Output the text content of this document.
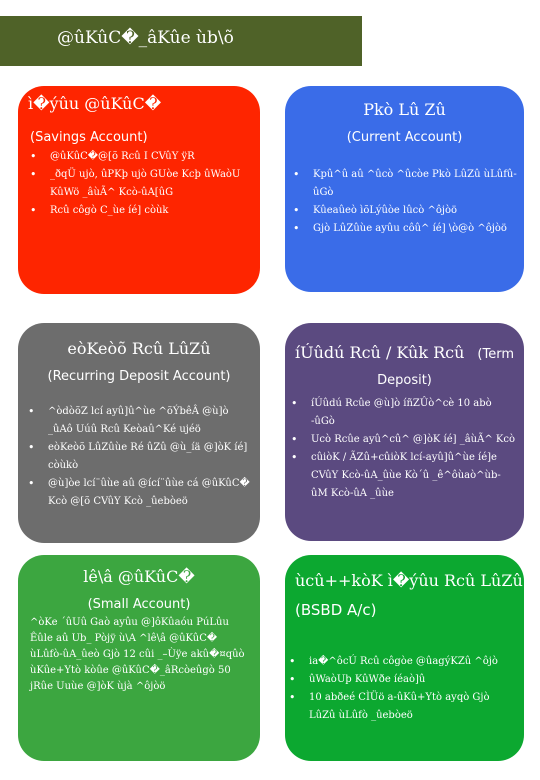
@ûKûC�_âKûe ùb\õ
ì�ýûu @ûKûC�
(Savings Account)
• @ûKûC�@[õ Rcû I CVûY ÿR
• _ðqÜ ujò, ûPKþ ujò GUòe Kcþ ûWaòU KûWö _âùÃ^ Kcò-ûA[ûG
• Rcû côgò C_ùe íé] còùk
Pkò Lû Zû
(Current Account)
• Kpû^û aû ^ûcò ^ûcòe Pkò LûZû ùLûfû-ûGò
• Kûeaûeò ìõLýûòe lûcò ^ôjòö
• Gjò LûZûùe ayûu côû^ íé] \ò@ò ^ôjòö
eòKeòõ Rcû LûZû
(Recurring Deposit Account)
• ^òdòõZ lcí ayû]û^ùe ^õÝbêÂ @ù]ò _ûAô Uúû Rcû Keòaû^Ké ujéö
• eòKeòõ LûZûùe Ré ûZû @ù_íä @]òK íé] còùkò
• @ù]òe lcí¨ûùe aû @ící¨ûùe cá @ûKûC� Kcò @[õ CVûY Kcò _ûebòeö
íÚûdú Rcû / Kûk Rcû (Term
Deposit)
• íÚûdú Rcûe @ù]ò íñZÛò^cè 10 abò -ûGò
• Ucò Rcûe ayû^cû^ @]òK íé] _âùÃ^ Kcò
• cûiòK / ÃZû+cûiòK lcí-ayû]û^ùe íé]e CVûY Kcò-ûA_ûùe Kò´û _ê^ôùaò^ùb-ûM Kcò-ûA _ûùe
lê\â @ûKûC�
(Small Account)

^òKe ´ûUû Gaò ayûu @]ôKûaóu PúLûu Êûle aû Ub_ Pòjÿ ù\A ^lê\â @ûKûC� ùLûfò-ûA_ûeò Gjò 12 cûi _–Ùÿe akû�¤qûò ùKûe+Ytò kòûe @ûKûC�_âRcòeûgò 50 jRûe Uuùe @]òK ùjà ^ôjòö

ùcû++kòK ì�ýûu Rcû LûZû
(BSBD A/c)
• ia�^ôcÚ Rcû côgòe @ûagýKZû ^ôjò
• ûWaòUþ KûWðe íéaò]û
• 10 abðeé CÌÜö a-ûKû+Ytò ayqò Gjò LûZû ùLûfò _ûebòeö
